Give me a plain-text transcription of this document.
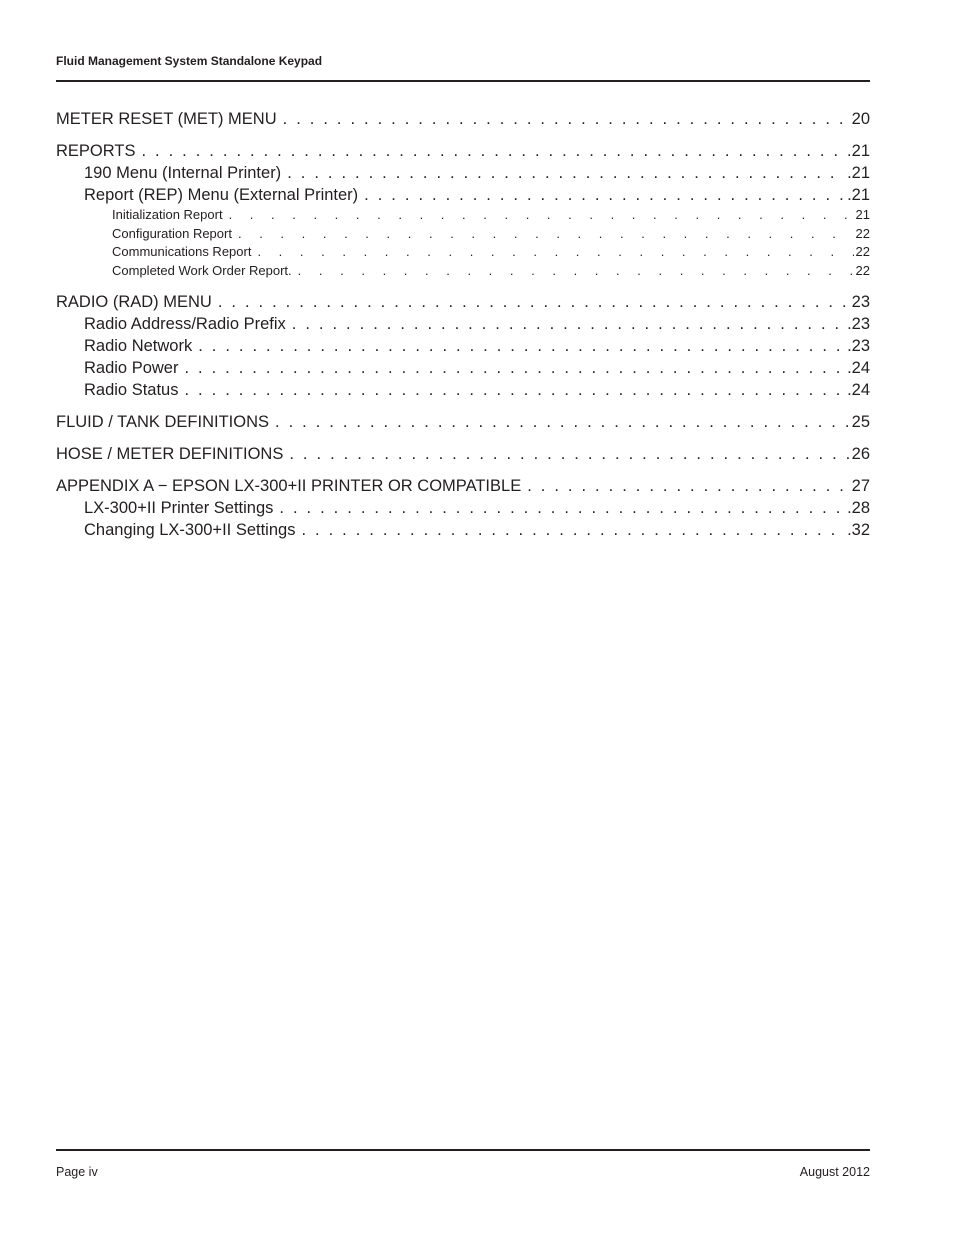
Fluid Management System Standalone Keypad
METER RESET (MET) MENU . . .	20
REPORTS . . .	21
190 Menu (Internal Printer) . . .	.21
Report (REP) Menu (External Printer) . . .	.21
Initialization Report . . .	21
Configuration Report . . .	22
Communications Report . . .	22
Completed Work Order Report. . . .	22
RADIO (RAD) MENU . . .	23
Radio Address/Radio Prefix . . .	.23
Radio Network . . .	.23
Radio Power . . .	.24
Radio Status . . .	.24
FLUID / TANK DEFINITIONS . . .	25
HOSE / METER DEFINITIONS . . .	26
APPENDIX A − EPSON LX-300+II PRINTER OR COMPATIBLE . . .	27
LX-300+II Printer Settings . . .	.28
Changing LX-300+II Settings . . .	.32
Page iv	August 2012
